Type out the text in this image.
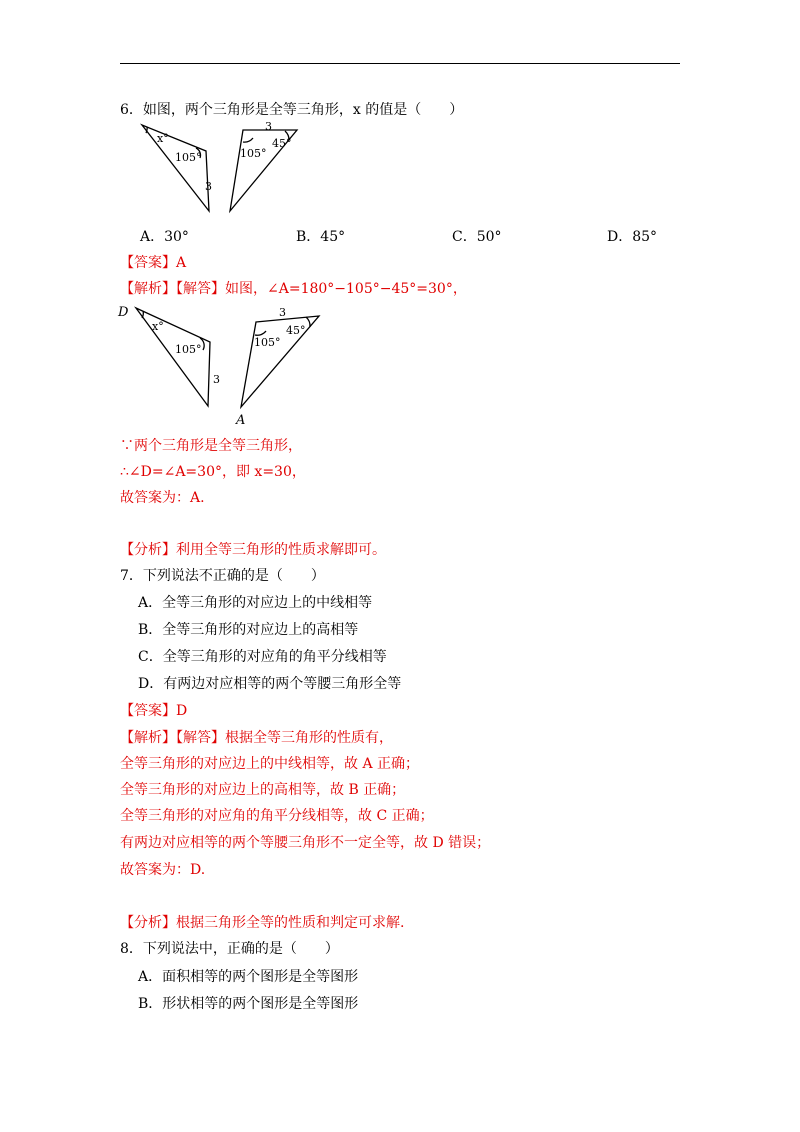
6．如图，两个三角形是全等三角形，x 的值是（　　）
x°
105°
3
3
45°
105°
A．30°	B．45°	C．50°	D．85°
【答案】A
【解析】【解答】如图，∠A=180°−105°−45°=30°，
D
x°
105°
3
3
45°
105°
A
∵两个三角形是全等三角形，
∴∠D=∠A=30°，即 x=30，
故答案为：A.
【分析】利用全等三角形的性质求解即可。
7．下列说法不正确的是（　　）
A．全等三角形的对应边上的中线相等
B．全等三角形的对应边上的高相等
C．全等三角形的对应角的角平分线相等
D．有两边对应相等的两个等腰三角形全等
【答案】D
【解析】【解答】根据全等三角形的性质有，
全等三角形的对应边上的中线相等，故 A 正确；
全等三角形的对应边上的高相等，故 B 正确；
全等三角形的对应角的角平分线相等，故 C 正确；
有两边对应相等的两个等腰三角形不一定全等，故 D 错误；
故答案为：D.
【分析】根据三角形全等的性质和判定可求解.
8．下列说法中，正确的是（　　）
A．面积相等的两个图形是全等图形
B．形状相等的两个图形是全等图形
